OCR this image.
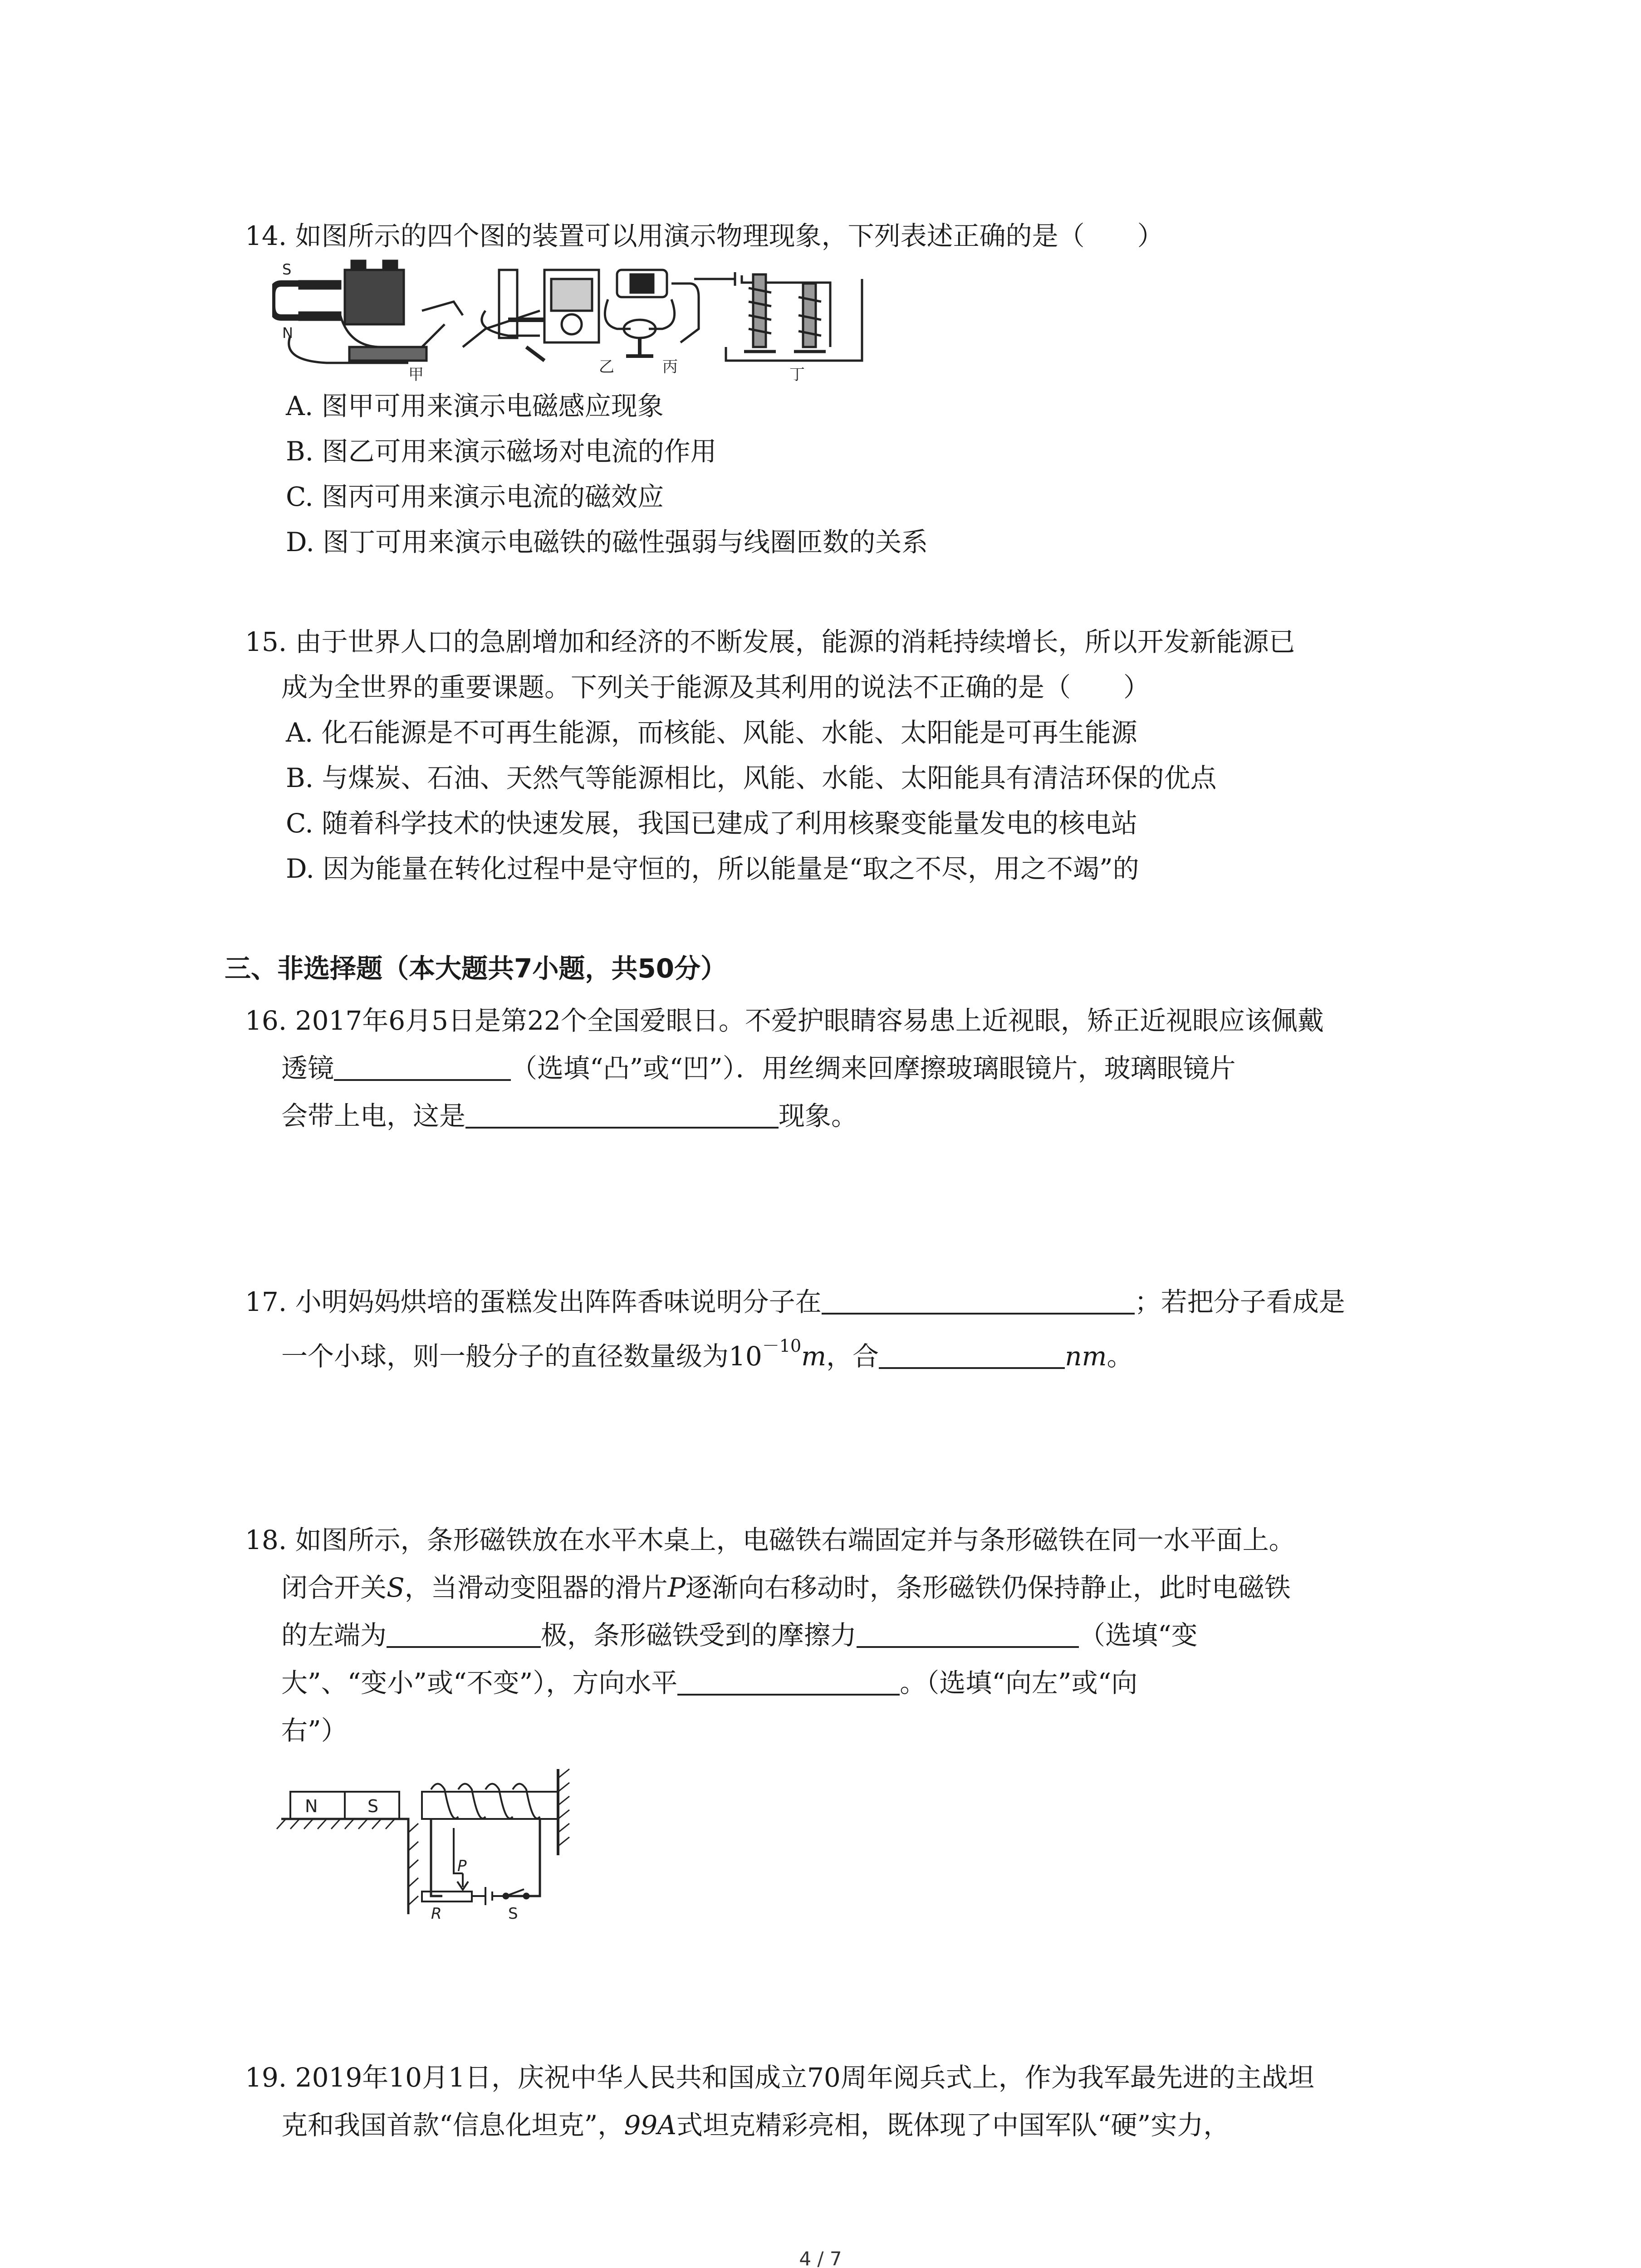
14. 如图所示的四个图的装置可以用演示物理现象，下列表述正确的是（　　）
甲
S
N
乙	丙	丁
A. 图甲可用来演示电磁感应现象
B. 图乙可用来演示磁场对电流的作用
C. 图丙可用来演示电流的磁效应
D. 图丁可用来演示电磁铁的磁性强弱与线圈匝数的关系
15. 由于世界人口的急剧增加和经济的不断发展，能源的消耗持续增长，所以开发新能源已
成为全世界的重要课题。下列关于能源及其利用的说法不正确的是（　　）
A. 化石能源是不可再生能源，而核能、风能、水能、太阳能是可再生能源
B. 与煤炭、石油、天然气等能源相比，风能、水能、太阳能具有清洁环保的优点
C. 随着科学技术的快速发展，我国已建成了利用核聚变能量发电的核电站
D. 因为能量在转化过程中是守恒的，所以能量是“取之不尽，用之不竭”的
三、非选择题（本大题共7小题，共50分）
16. 2017年6月5日是第22个全国爱眼日。不爱护眼睛容易患上近视眼，矫正近视眼应该佩戴
透镜	（选填“凸”或“凹”）．用丝绸来回摩擦玻璃眼镜片，玻璃眼镜片
会带上电，这是	现象。
17. 小明妈妈烘培的蛋糕发出阵阵香味说明分子在	；若把分子看成是
一个小球，则一般分子的直径数量级为$10^{-10}m$，合	nm。
18. 如图所示，条形磁铁放在水平木桌上，电磁铁右端固定并与条形磁铁在同一水平面上。
闭合开关S，当滑动变阻器的滑片P逐渐向右移动时，条形磁铁仍保持静止，此时电磁铁
的左端为	极，条形磁铁受到的摩擦力	（选填“变
大”、“变小”或“不变”），方向水平	。（选填“向左”或“向
右”）
N	S
P
R	S
19. 2019年10月1日，庆祝中华人民共和国成立70周年阅兵式上，作为我军最先进的主战坦
克和我国首款“信息化坦克”，99A式坦克精彩亮相，既体现了中国军队“硬”实力，
4 / 7
